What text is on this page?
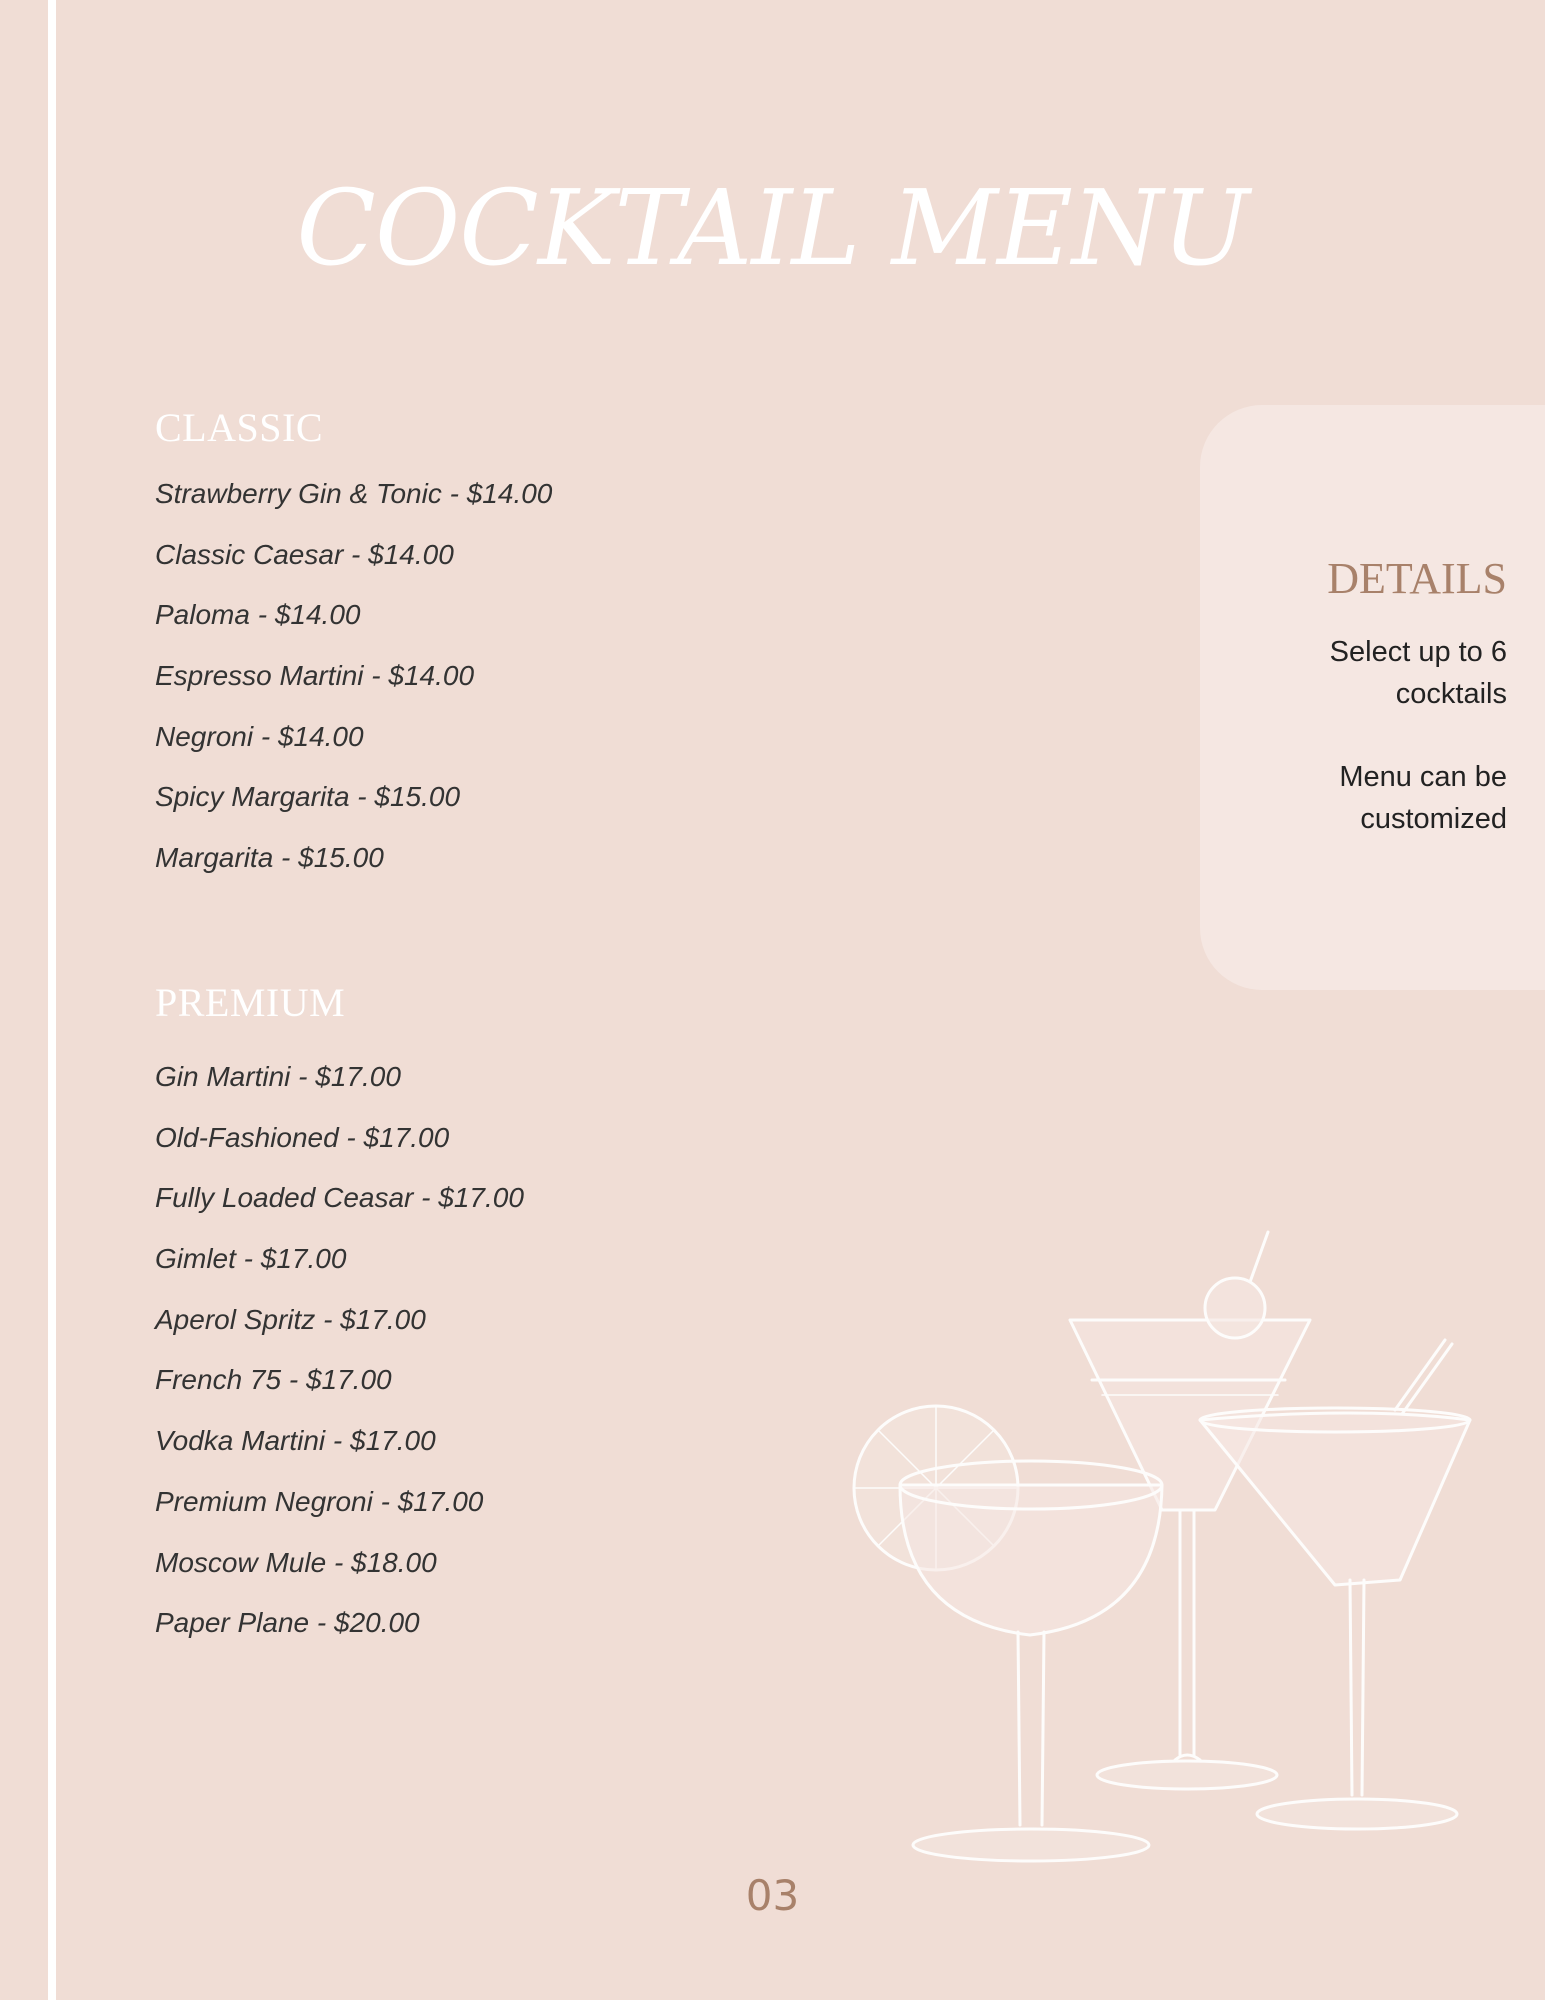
COCKTAIL MENU
CLASSIC
Strawberry Gin & Tonic - $14.00
Classic Caesar - $14.00
Paloma - $14.00
Espresso Martini - $14.00
Negroni - $14.00
Spicy Margarita - $15.00
Margarita - $15.00
PREMIUM
Gin Martini - $17.00
Old-Fashioned - $17.00
Fully Loaded Ceasar - $17.00
Gimlet - $17.00
Aperol Spritz - $17.00
French 75 - $17.00
Vodka Martini - $17.00
Premium Negroni - $17.00
Moscow Mule - $18.00
Paper Plane - $20.00
DETAILS
Select up to 6 cocktails
Menu can be customized
03
